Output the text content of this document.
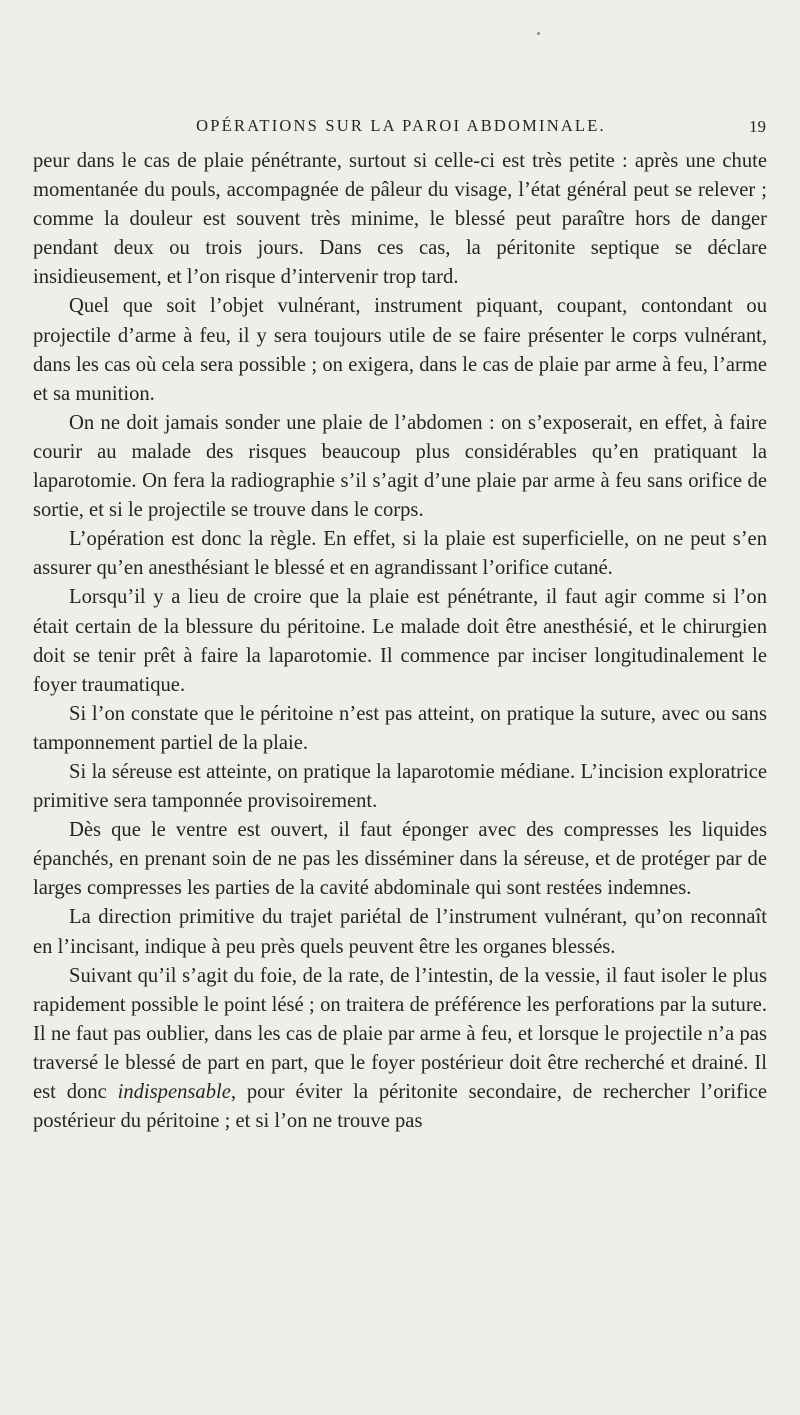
OPÉRATIONS SUR LA PAROI ABDOMINALE.	19

peur dans le cas de plaie pénétrante, surtout si celle-ci est très petite : après une chute momentanée du pouls, accompagnée de pâleur du visage, l’état général peut se relever ; comme la douleur est souvent très minime, le blessé peut paraître hors de danger pendant deux ou trois jours. Dans ces cas, la péritonite septique se déclare insidieusement, et l’on risque d’intervenir trop tard.

Quel que soit l’objet vulnérant, instrument piquant, coupant, contondant ou projectile d’arme à feu, il y sera toujours utile de se faire présenter le corps vulnérant, dans les cas où cela sera possible ; on exigera, dans le cas de plaie par arme à feu, l’arme et sa munition.

On ne doit jamais sonder une plaie de l’abdomen : on s’exposerait, en effet, à faire courir au malade des risques beaucoup plus considérables qu’en pratiquant la laparotomie. On fera la radiographie s’il s’agit d’une plaie par arme à feu sans orifice de sortie, et si le projectile se trouve dans le corps.

L’opération est donc la règle. En effet, si la plaie est superficielle, on ne peut s’en assurer qu’en anesthésiant le blessé et en agrandissant l’orifice cutané.

Lorsqu’il y a lieu de croire que la plaie est pénétrante, il faut agir comme si l’on était certain de la blessure du péritoine. Le malade doit être anesthésié, et le chirurgien doit se tenir prêt à faire la laparotomie. Il commence par inciser longitudinalement le foyer traumatique.

Si l’on constate que le péritoine n’est pas atteint, on pratique la suture, avec ou sans tamponnement partiel de la plaie.

Si la séreuse est atteinte, on pratique la laparotomie médiane. L’incision exploratrice primitive sera tamponnée provisoirement.

Dès que le ventre est ouvert, il faut éponger avec des compresses les liquides épanchés, en prenant soin de ne pas les disséminer dans la séreuse, et de protéger par de larges compresses les parties de la cavité abdominale qui sont restées indemnes.

La direction primitive du trajet pariétal de l’instrument vulnérant, qu’on reconnaît en l’incisant, indique à peu près quels peuvent être les organes blessés.

Suivant qu’il s’agit du foie, de la rate, de l’intestin, de la vessie, il faut isoler le plus rapidement possible le point lésé ; on traitera de préférence les perforations par la suture. Il ne faut pas oublier, dans les cas de plaie par arme à feu, et lorsque le projectile n’a pas traversé le blessé de part en part, que le foyer postérieur doit être recherché et drainé. Il est donc indispensable, pour éviter la péritonite secondaire, de rechercher l’orifice postérieur du péritoine ; et si l’on ne trouve pas
